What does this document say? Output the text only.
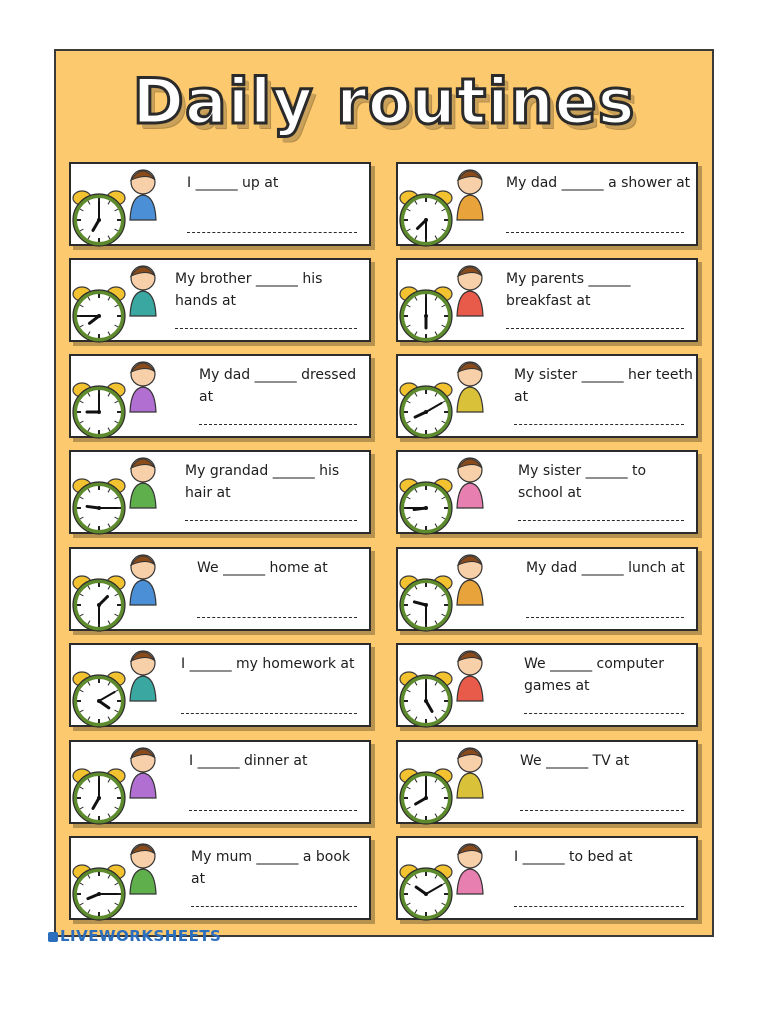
Daily routines
I ______ up at	My dad ______ a shower at
My brother ______ his hands at
My parents ______ breakfast at
My dad ______ dressed at
My sister ______ her teeth at
My grandad ______ his hair at
My sister ______ to school at
We ______ home at	My dad ______ lunch at
I ______ my homework at	We ______ computer games at
I ______ dinner at	We ______ TV at
My mum ______ a book at
I ______ to bed at
LIVEWORKSHEETS
